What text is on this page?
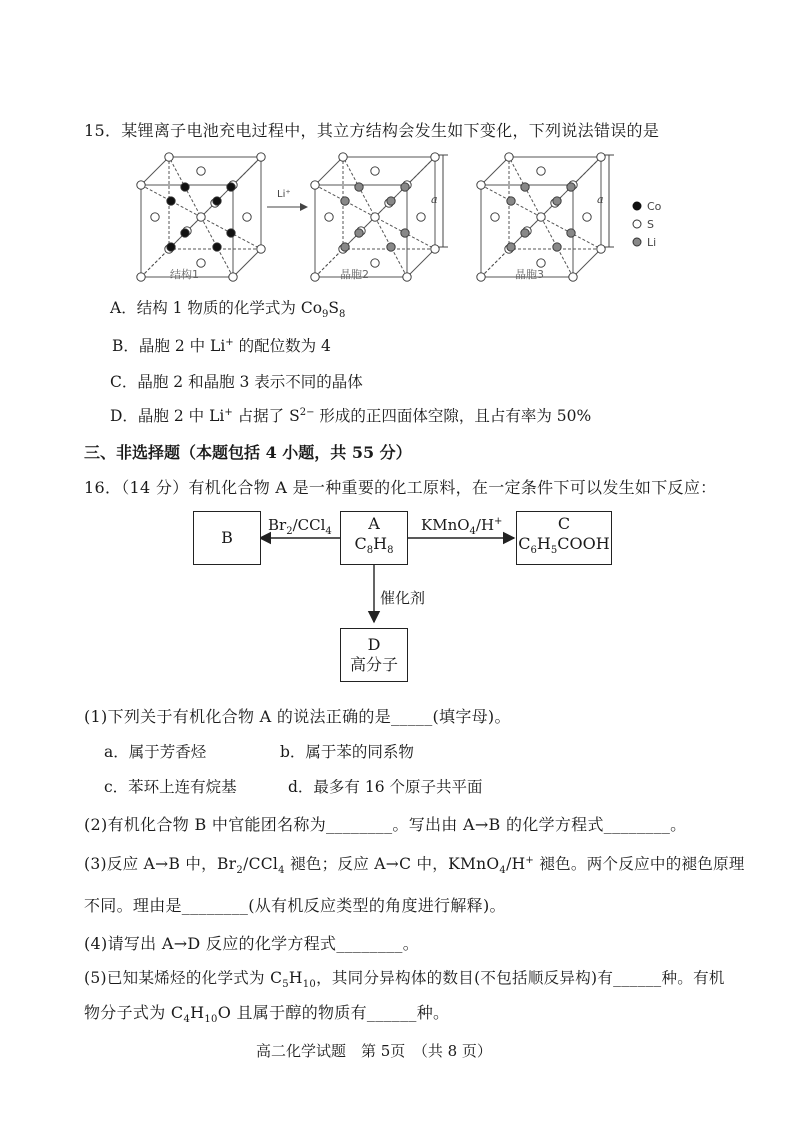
15．某锂离子电池充电过程中，其立方结构会发生如下变化，下列说法错误的是
Li⁺	a	a
结构1	晶胞2	晶胞3
Co
S
Li
A．结构 1 物质的化学式为 $Co_9S_8$
B．晶胞 2 中 Li+ 的配位数为 4
C．晶胞 2 和晶胞 3 表示不同的晶体
D．晶胞 2 中 Li+ 占据了 $S^{2-}$ 形成的正四面体空隙，且占有率为 50%
三、非选择题（本题包括 4 小题，共 55 分）
16．（14 分）有机化合物 A 是一种重要的化工原料，在一定条件下可以发生如下反应：
B
A
$C_8H_8$
C
$C_6H_5COOH$
D
高分子
$Br_2/CCl_4$	KMnO$_4$/H+
催化剂
(1)下列关于有机化合物 A 的说法正确的是_____(填字母)。
a．属于芳香烃	b．属于苯的同系物
c．苯环上连有烷基	d．最多有 16 个原子共平面
(2)有机化合物 B 中官能团名称为________。写出由 A→B 的化学方程式________。
(3)反应 A→B 中，$Br_2/CCl_4$ 褪色；反应 A→C 中，KMnO$_4$/H+ 褪色。两个反应中的褪色原理
不同。理由是________(从有机反应类型的角度进行解释)。
(4)请写出 A→D 反应的化学方程式________。
(5)已知某烯烃的化学式为 $C_5H_{10}$，其同分异构体的数目(不包括顺反异构)有______种。有机
物分子式为 $C_4H_{10}O$ 且属于醇的物质有______种。
高二化学试题　第 5页　（共 8 页）
